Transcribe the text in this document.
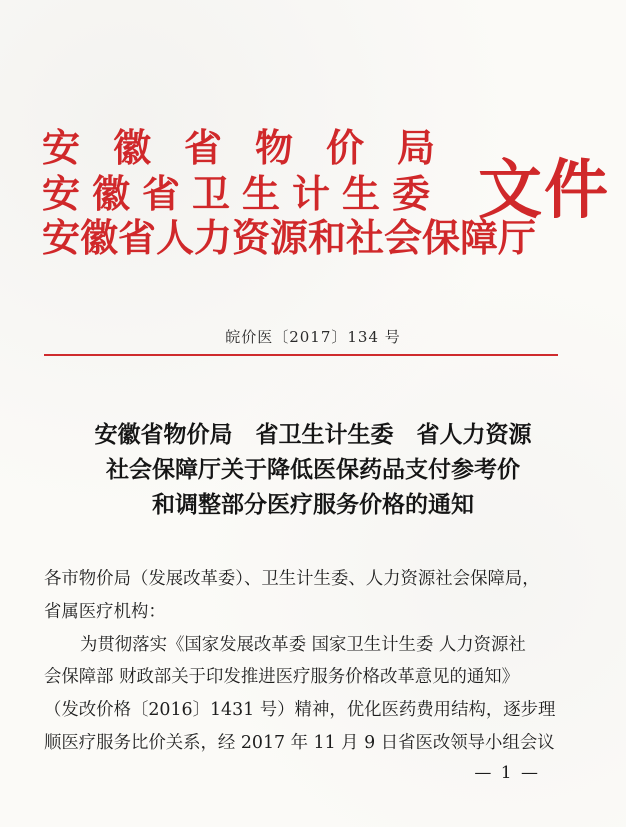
安徽省物价局
安徽省卫生计生委
安徽省人力资源和社会保障厅
文件
皖价医〔2017〕134 号
安徽省物价局　省卫生计生委　省人力资源
社会保障厅关于降低医保药品支付参考价
和调整部分医疗服务价格的通知
各市物价局（发展改革委）、卫生计生委、人力资源社会保障局，
省属医疗机构：
为贯彻落实《国家发展改革委 国家卫生计生委 人力资源社
会保障部 财政部关于印发推进医疗服务价格改革意见的通知》
（发改价格〔2016〕1431 号）精神，优化医药费用结构，逐步理
顺医疗服务比价关系，经 2017 年 11 月 9 日省医改领导小组会议
— 1 —
